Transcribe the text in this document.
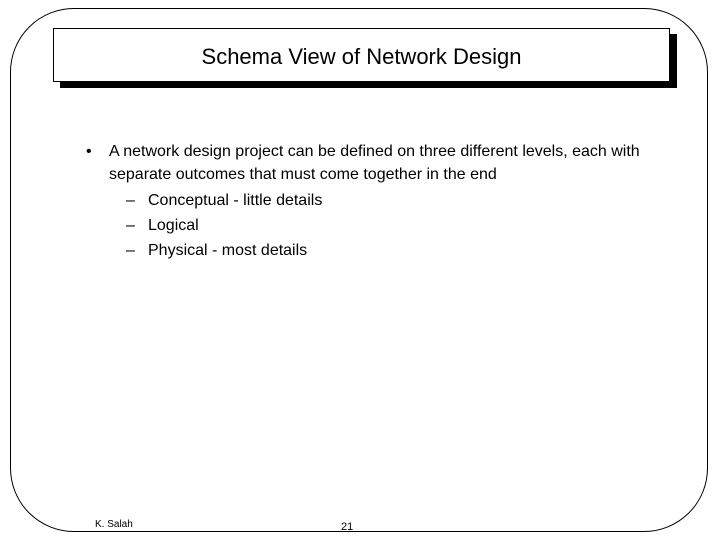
Schema View of Network Design
• A network design project can be defined on three different levels, each with separate outcomes that must come together in the end
– Conceptual - little details
– Logical
– Physical - most details
K. Salah	21
